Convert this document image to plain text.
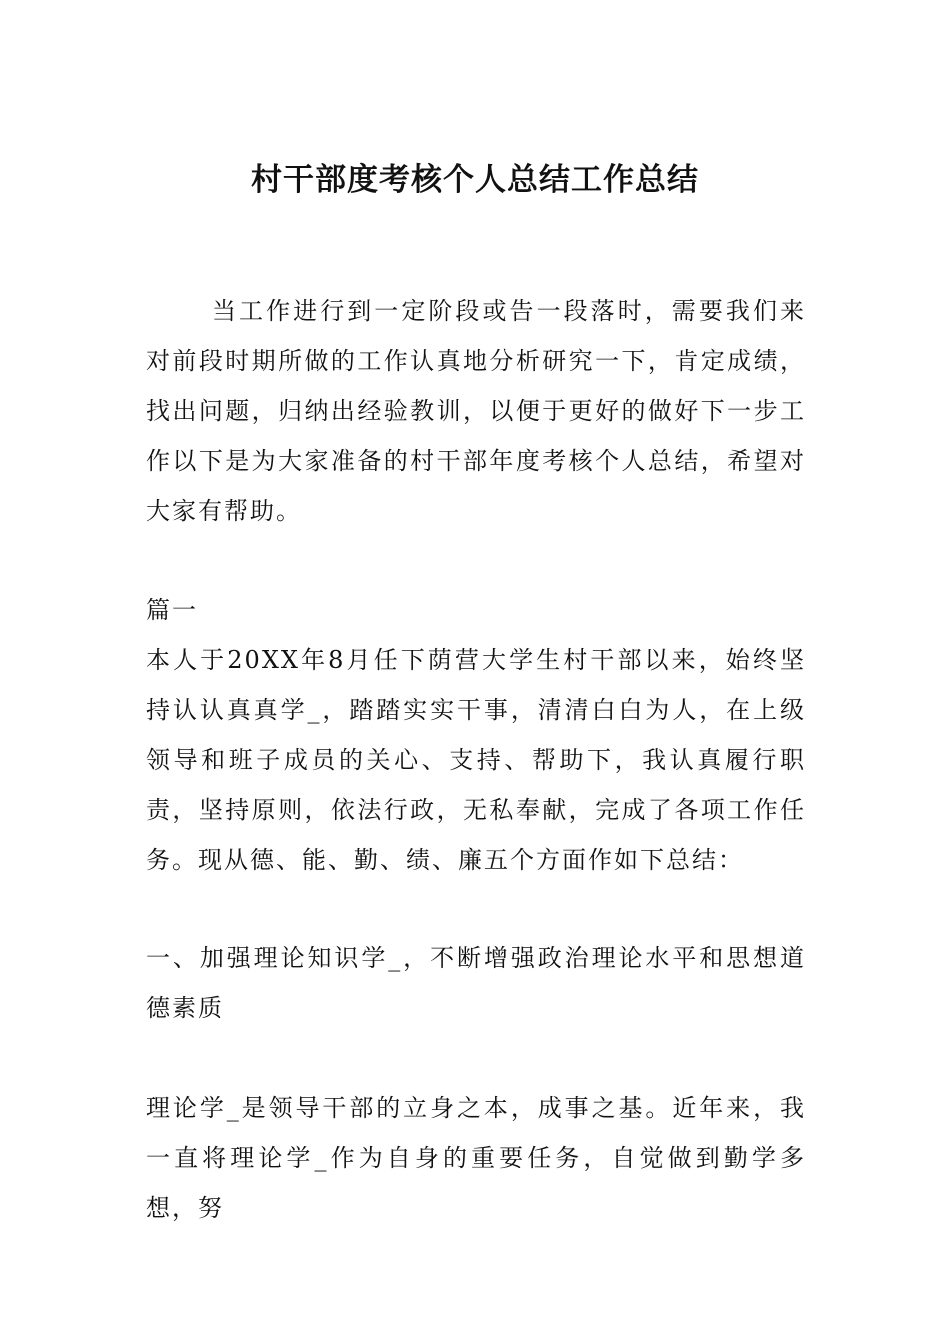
村干部度考核个人总结工作总结

当工作进行到一定阶段或告一段落时，需要我们来对前段时期所做的工作认真地分析研究一下，肯定成绩，找出问题，归纳出经验教训，以便于更好的做好下一步工作以下是为大家准备的村干部年度考核个人总结，希望对大家有帮助。

篇一

本人于20XX年8月任下荫营大学生村干部以来，始终坚持认认真真学_，踏踏实实干事，清清白白为人，在上级领导和班子成员的关心、支持、帮助下，我认真履行职责，坚持原则，依法行政，无私奉献，完成了各项工作任务。现从德、能、勤、绩、廉五个方面作如下总结：

一、加强理论知识学_，不断增强政治理论水平和思想道德素质

理论学_是领导干部的立身之本，成事之基。近年来，我一直将理论学_作为自身的重要任务，自觉做到勤学多想，努
